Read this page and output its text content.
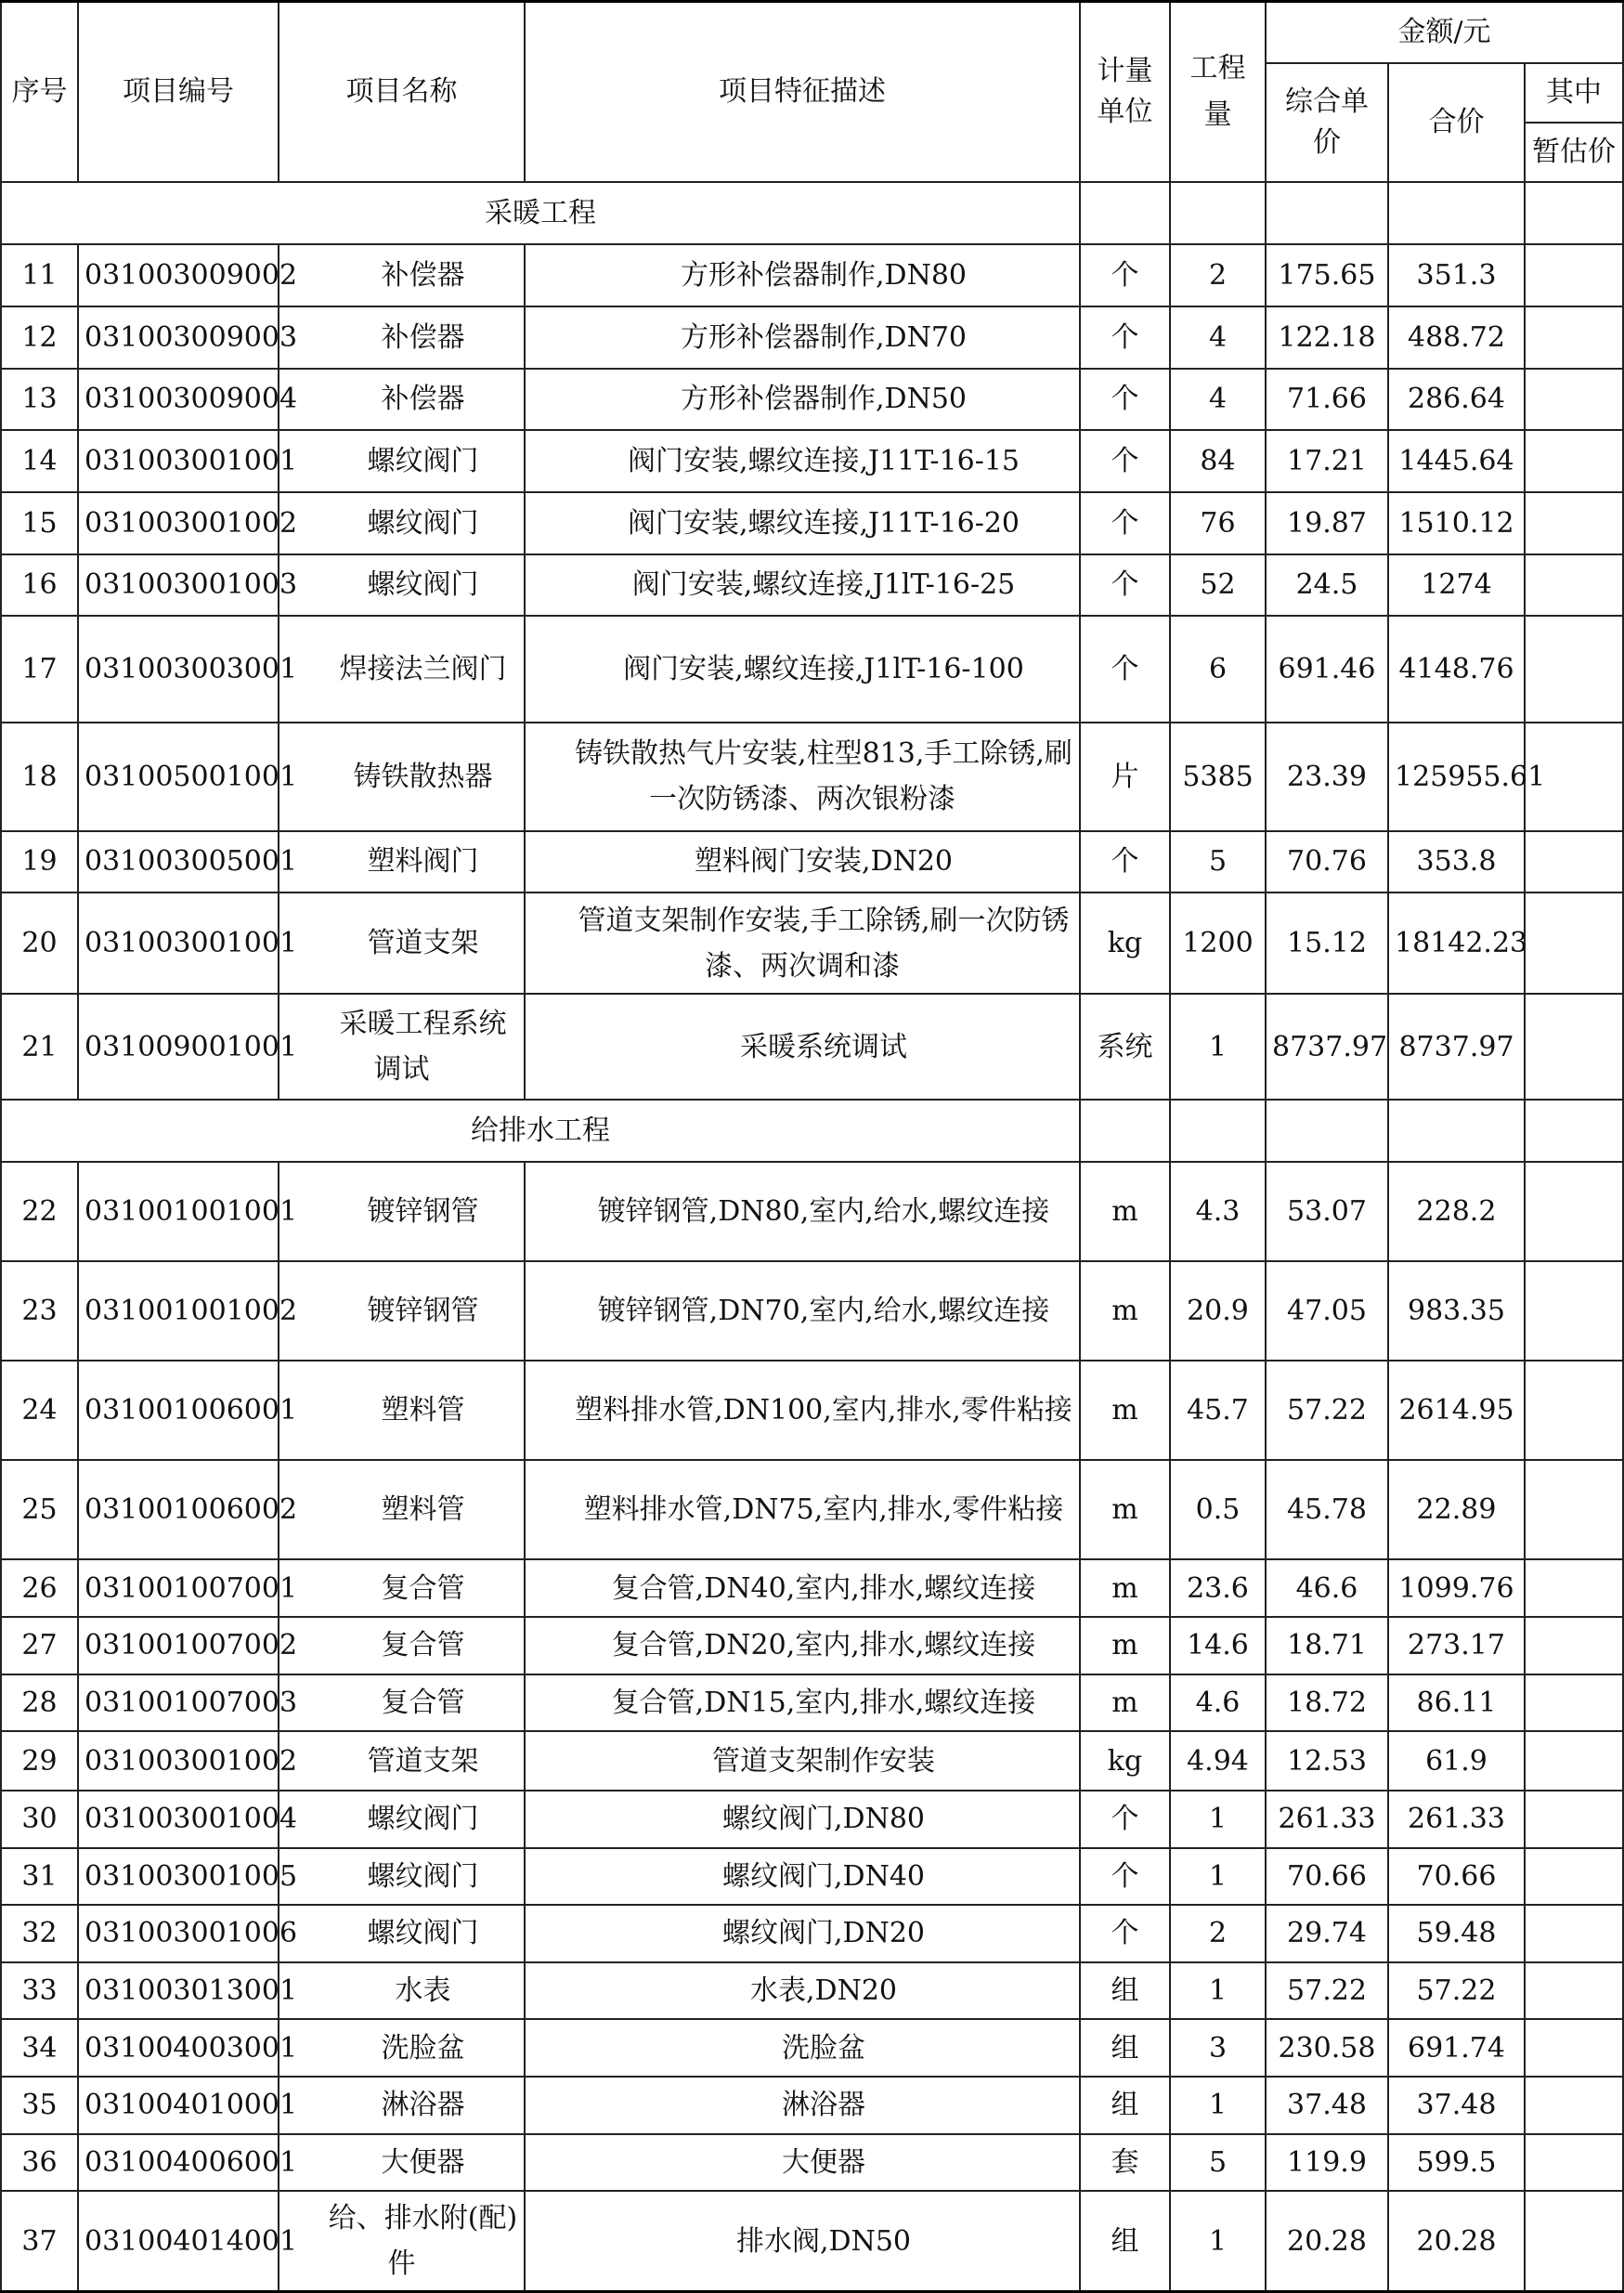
序号	项目编号	项目名称	项目特征描述	计量单位	工程量	金额/元		
						综合单价	合价	其中
								暂估价
采暖工程								
11	031003009002	补偿器	方形补偿器制作,DN80	个	2	175.65	351.3	
12	031003009003	补偿器	方形补偿器制作,DN70	个	4	122.18	488.72	
13	031003009004	补偿器	方形补偿器制作,DN50	个	4	71.66	286.64	
14	031003001001	螺纹阀门	阀门安装,螺纹连接,J11T-16-15	个	84	17.21	1445.64	
15	031003001002	螺纹阀门	阀门安装,螺纹连接,J11T-16-20	个	76	19.87	1510.12	
16	031003001003	螺纹阀门	阀门安装,螺纹连接,J1lT-16-25	个	52	24.5	1274	
17	031003003001	焊接法兰阀门	阀门安装,螺纹连接,J1lT-16-100	个	6	691.46	4148.76	
18	031005001001	铸铁散热器	铸铁散热气片安装,柱型813,手工除锈,刷一次防锈漆、两次银粉漆	片	5385	23.39	125955.61	
19	031003005001	塑料阀门	塑料阀门安装,DN20	个	5	70.76	353.8	
20	031003001001	管道支架	管道支架制作安装,手工除锈,刷一次防锈漆、两次调和漆	kg	1200	15.12	18142.23	
21	031009001001	采暖工程系统调试	采暖系统调试	系统	1	8737.97	8737.97	
给排水工程								
22	031001001001	镀锌钢管	镀锌钢管,DN80,室内,给水,螺纹连接	m	4.3	53.07	228.2	
23	031001001002	镀锌钢管	镀锌钢管,DN70,室内,给水,螺纹连接	m	20.9	47.05	983.35	
24	031001006001	塑料管	塑料排水管,DN100,室内,排水,零件粘接	m	45.7	57.22	2614.95	
25	031001006002	塑料管	塑料排水管,DN75,室内,排水,零件粘接	m	0.5	45.78	22.89	
26	031001007001	复合管	复合管,DN40,室内,排水,螺纹连接	m	23.6	46.6	1099.76	
27	031001007002	复合管	复合管,DN20,室内,排水,螺纹连接	m	14.6	18.71	273.17	
28	031001007003	复合管	复合管,DN15,室内,排水,螺纹连接	m	4.6	18.72	86.11	
29	031003001002	管道支架	管道支架制作安装	kg	4.94	12.53	61.9	
30	031003001004	螺纹阀门	螺纹阀门,DN80	个	1	261.33	261.33	
31	031003001005	螺纹阀门	螺纹阀门,DN40	个	1	70.66	70.66	
32	031003001006	螺纹阀门	螺纹阀门,DN20	个	2	29.74	59.48	
33	031003013001	水表	水表,DN20	组	1	57.22	57.22	
34	031004003001	洗脸盆	洗脸盆	组	3	230.58	691.74	
35	031004010001	淋浴器	淋浴器	组	1	37.48	37.48	
36	031004006001	大便器	大便器	套	5	119.9	599.5	
37	031004014001	给、排水附(配)件	排水阀,DN50	组	1	20.28	20.28	
